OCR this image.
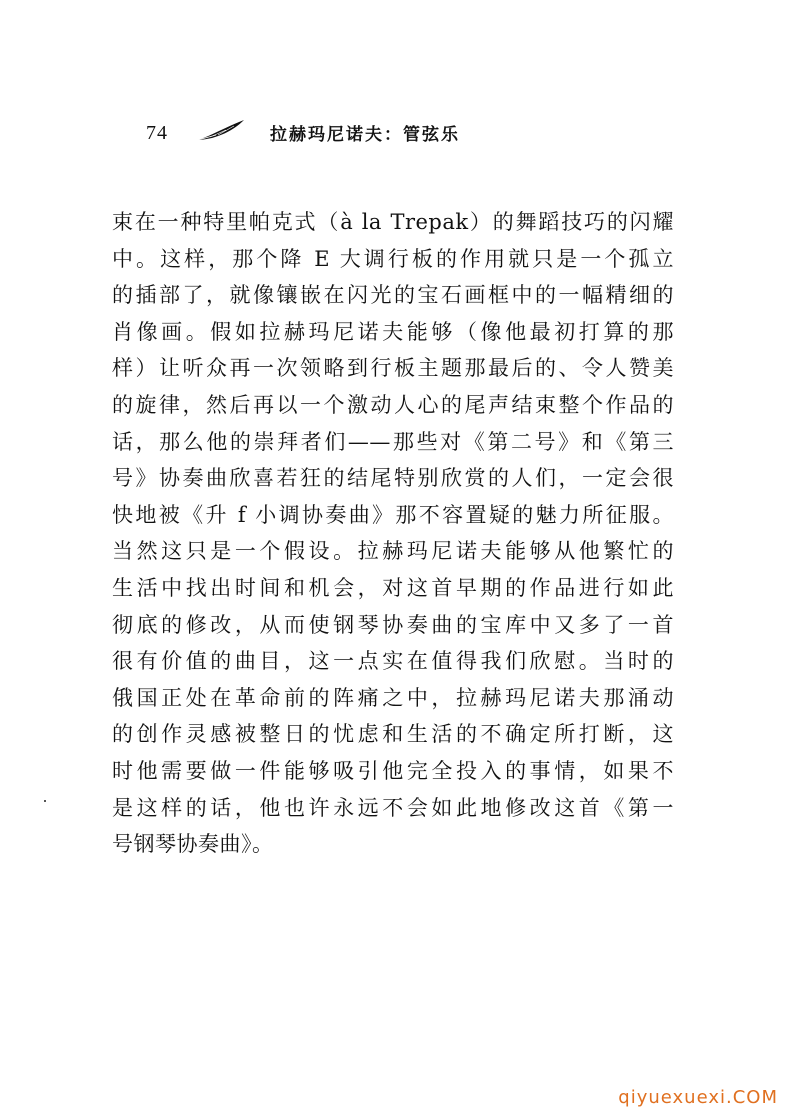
74	拉赫玛尼诺夫：管弦乐
束在一种特里帕克式（à la Trepak）的舞蹈技巧的闪耀
中。这样，那个降 E 大调行板的作用就只是一个孤立
的插部了，就像镶嵌在闪光的宝石画框中的一幅精细的
肖像画。假如拉赫玛尼诺夫能够（像他最初打算的那
样）让听众再一次领略到行板主题那最后的、令人赞美
的旋律，然后再以一个激动人心的尾声结束整个作品的
话，那么他的崇拜者们——那些对《第二号》和《第三
号》协奏曲欣喜若狂的结尾特别欣赏的人们，一定会很
快地被《升 f 小调协奏曲》那不容置疑的魅力所征服。
当然这只是一个假设。拉赫玛尼诺夫能够从他繁忙的
生活中找出时间和机会，对这首早期的作品进行如此
彻底的修改，从而使钢琴协奏曲的宝库中又多了一首
很有价值的曲目，这一点实在值得我们欣慰。当时的
俄国正处在革命前的阵痛之中，拉赫玛尼诺夫那涌动
的创作灵感被整日的忧虑和生活的不确定所打断，这
时他需要做一件能够吸引他完全投入的事情，如果不
是这样的话，他也许永远不会如此地修改这首《第一
号钢琴协奏曲》。
qiyuexuexi.COM
